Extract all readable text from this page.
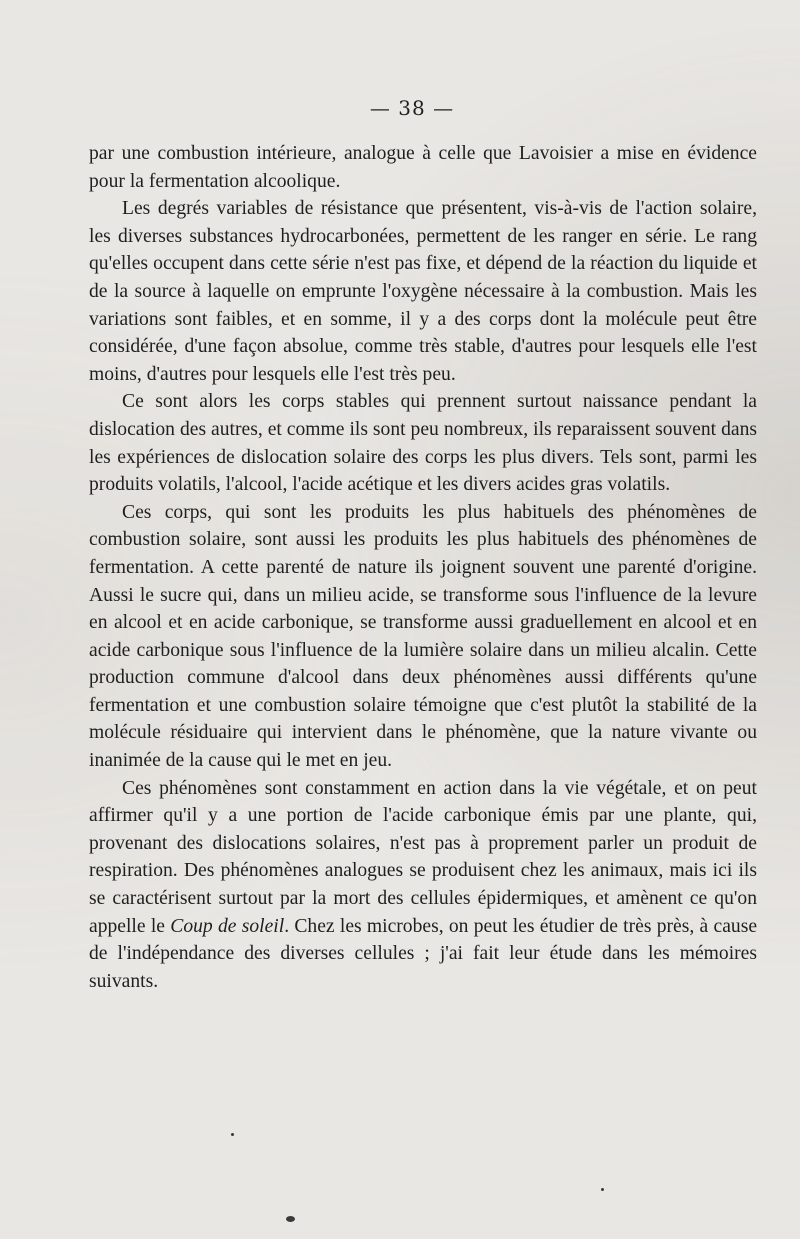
— 38 —

par une combustion intérieure, analogue à celle que Lavoisier a mise en évidence pour la fermentation alcoolique.

Les degrés variables de résistance que présentent, vis-à-vis de l'action solaire, les diverses substances hydrocarbonées, permettent de les ranger en série. Le rang qu'elles occupent dans cette série n'est pas fixe, et dépend de la réaction du liquide et de la source à laquelle on emprunte l'oxygène nécessaire à la combustion. Mais les variations sont faibles, et en somme, il y a des corps dont la molécule peut être considérée, d'une façon absolue, comme très stable, d'autres pour lesquels elle l'est moins, d'autres pour lesquels elle l'est très peu.

Ce sont alors les corps stables qui prennent surtout naissance pendant la dislocation des autres, et comme ils sont peu nombreux, ils reparaissent souvent dans les expériences de dislocation solaire des corps les plus divers. Tels sont, parmi les produits volatils, l'alcool, l'acide acétique et les divers acides gras volatils.

Ces corps, qui sont les produits les plus habituels des phénomènes de combustion solaire, sont aussi les produits les plus habituels des phénomènes de fermentation. A cette parenté de nature ils joignent souvent une parenté d'origine. Aussi le sucre qui, dans un milieu acide, se transforme sous l'influence de la levure en alcool et en acide carbonique, se transforme aussi graduellement en alcool et en acide carbonique sous l'influence de la lumière solaire dans un milieu alcalin. Cette production commune d'alcool dans deux phénomènes aussi différents qu'une fermentation et une combustion solaire témoigne que c'est plutôt la stabilité de la molécule résiduaire qui intervient dans le phénomène, que la nature vivante ou inanimée de la cause qui le met en jeu.

Ces phénomènes sont constamment en action dans la vie végétale, et on peut affirmer qu'il y a une portion de l'acide carbonique émis par une plante, qui, provenant des dislocations solaires, n'est pas à proprement parler un produit de respiration. Des phénomènes analogues se produisent chez les animaux, mais ici ils se caractérisent surtout par la mort des cellules épidermiques, et amènent ce qu'on appelle le Coup de soleil. Chez les microbes, on peut les étudier de très près, à cause de l'indépendance des diverses cellules ; j'ai fait leur étude dans les mémoires suivants.
